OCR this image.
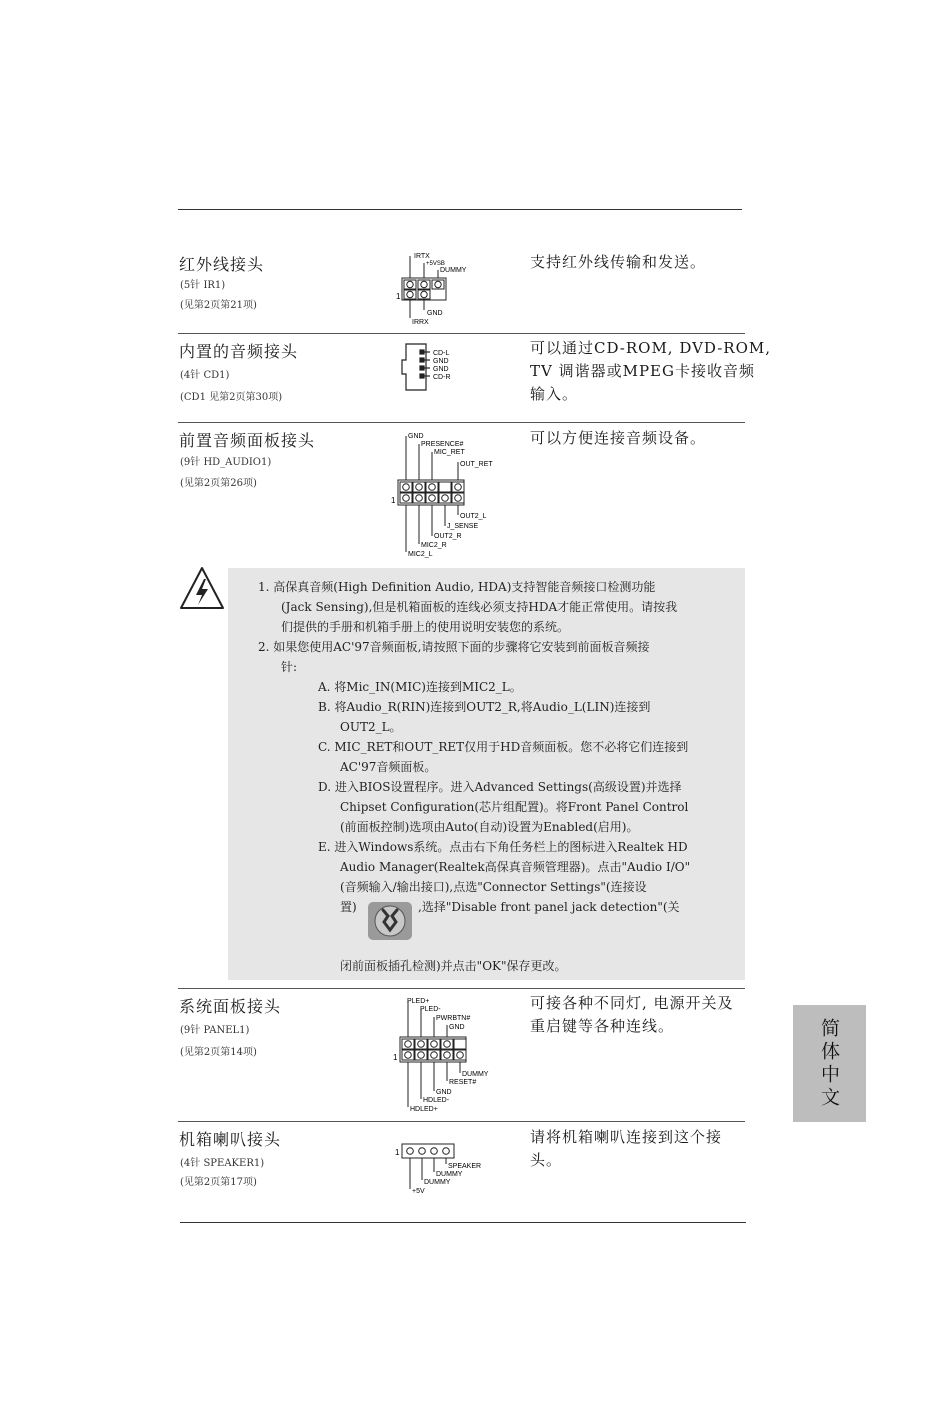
红外线接头
(5针 IR1)
(见第2页第21项)
支持红外线传输和发送。
IRTX
+5VSB
DUMMY
1
GND
IRRX
内置的音频接头
(4针 CD1)
(CD1 见第2页第30项)
可以通过CD-ROM, DVD-ROM,
TV 调谐器或MPEG卡接收音频
输入。
CD-L
GND
GND
CD-R
前置音频面板接头
(9针 HD_AUDIO1)
(见第2页第26项)
可以方便连接音频设备。
GND
PRESENCE#
MIC_RET
OUT_RET
1
OUT2_L
J_SENSE
OUT2_R
MIC2_R
MIC2_L
1. 高保真音频(High Definition Audio, HDA)支持智能音频接口检测功能
(Jack Sensing),但是机箱面板的连线必须支持HDA才能正常使用。请按我
们提供的手册和机箱手册上的使用说明安装您的系统。
2. 如果您使用AC'97音频面板,请按照下面的步骤将它安装到前面板音频接
针:
A. 将Mic_IN(MIC)连接到MIC2_L。
B. 将Audio_R(RIN)连接到OUT2_R,将Audio_L(LIN)连接到
OUT2_L。
C. MIC_RET和OUT_RET仅用于HD音频面板。您不必将它们连接到
AC'97音频面板。
D. 进入BIOS设置程序。进入Advanced Settings(高级设置)并选择
Chipset Configuration(芯片组配置)。将Front Panel Control
(前面板控制)选项由Auto(自动)设置为Enabled(启用)。
E. 进入Windows系统。点击右下角任务栏上的图标进入Realtek HD
Audio Manager(Realtek高保真音频管理器)。点击"Audio I/O"
(音频输入/输出接口),点选"Connector Settings"(连接设
置)	,选择"Disable front panel jack detection"(关
闭前面板插孔检测)并点击"OK"保存更改。
系统面板接头
(9针 PANEL1)
(见第2页第14项)
可接各种不同灯, 电源开关及
重启键等各种连线。
PLED+
PLED-
PWRBTN#
GND
1
DUMMY
RESET#
GND
HDLED-
HDLED+
机箱喇叭接头
(4针 SPEAKER1)
(见第2页第17项)
请将机箱喇叭连接到这个接
头。
1
SPEAKER
DUMMY
DUMMY
+5V
简体中文
